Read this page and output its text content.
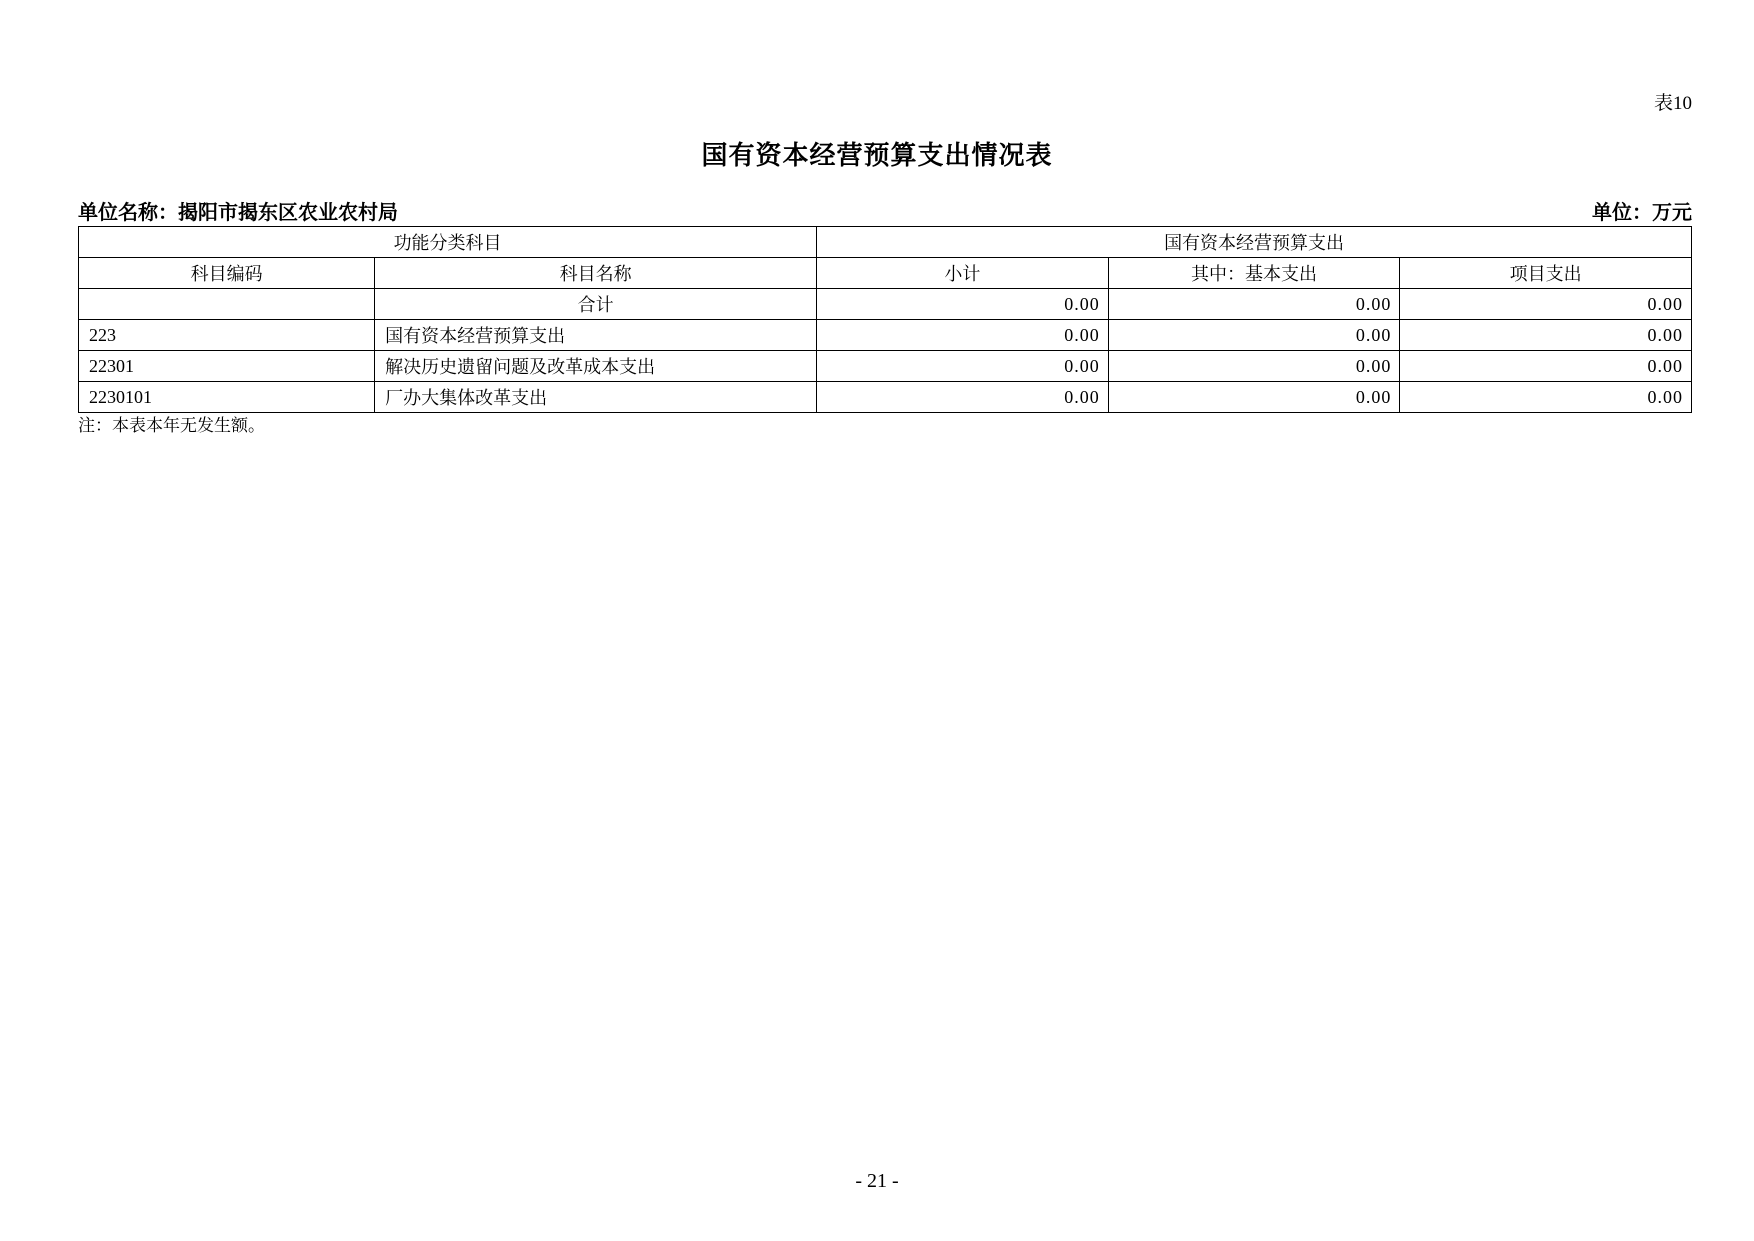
表10
国有资本经营预算支出情况表
单位名称：揭阳市揭东区农业农村局	单位：万元
功能分类科目		国有资本经营预算支出		
科目编码	科目名称	小计	其中：基本支出	项目支出
	合计	0.00	0.00	0.00
223	国有资本经营预算支出	0.00	0.00	0.00
22301	解决历史遗留问题及改革成本支出	0.00	0.00	0.00
2230101	厂办大集体改革支出	0.00	0.00	0.00
注：本表本年无发生额。
- 21 -
